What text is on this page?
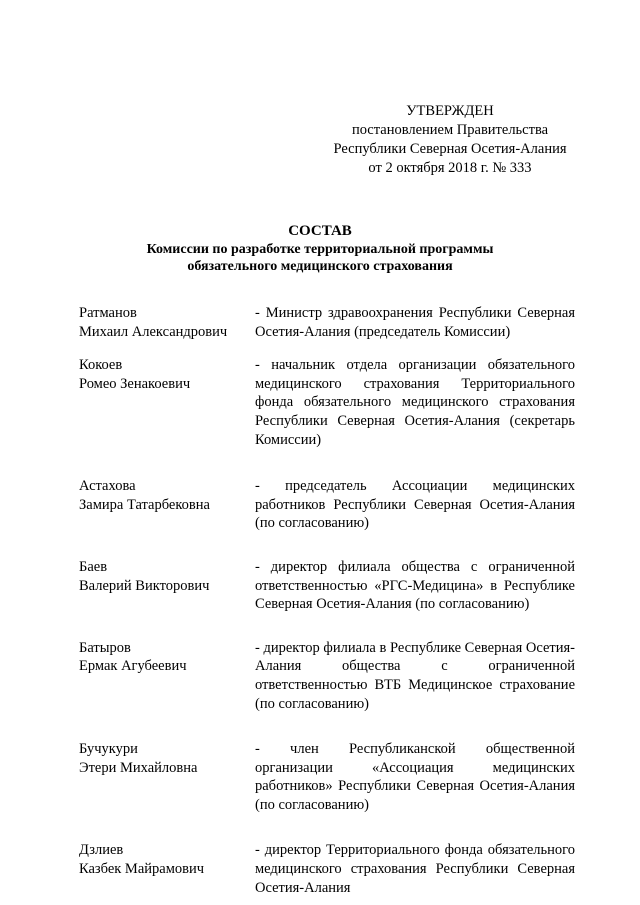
УТВЕРЖДЕН
постановлением Правительства
Республики Северная Осетия-Алания
от 2 октября 2018 г. № 333
СОСТАВ
Комиссии по разработке территориальной программы
обязательного медицинского страхования
Ратманов
Михаил Александрович
- Министр здравоохранения Республики Северная Осетия-Алания (председатель Комиссии)
Кокоев
Ромео Зенакоевич
- начальник отдела организации обязательного медицинского страхования Территориального фонда обязательного медицинского страхования Республики Северная Осетия-Алания (секретарь Комиссии)
Астахова
Замира Татарбековна
- председатель Ассоциации медицинских работников Республики Северная Осетия-Алания (по согласованию)
Баев
Валерий Викторович
- директор филиала общества с ограниченной ответственностью «РГС-Медицина» в Республике Северная Осетия-Алания (по согласованию)
Батыров
Ермак Агубеевич
- директор филиала в Республике Северная Осетия-Алания общества с ограниченной ответственностью ВТБ Медицинское страхование (по согласованию)
Бучукури
Этери Михайловна
- член Республиканской общественной организации «Ассоциация медицинских работников» Республики Северная Осетия-Алания (по согласованию)
Дзлиев
Казбек Майрамович
- директор Территориального фонда обязательного медицинского страхования Республики Северная Осетия-Алания
